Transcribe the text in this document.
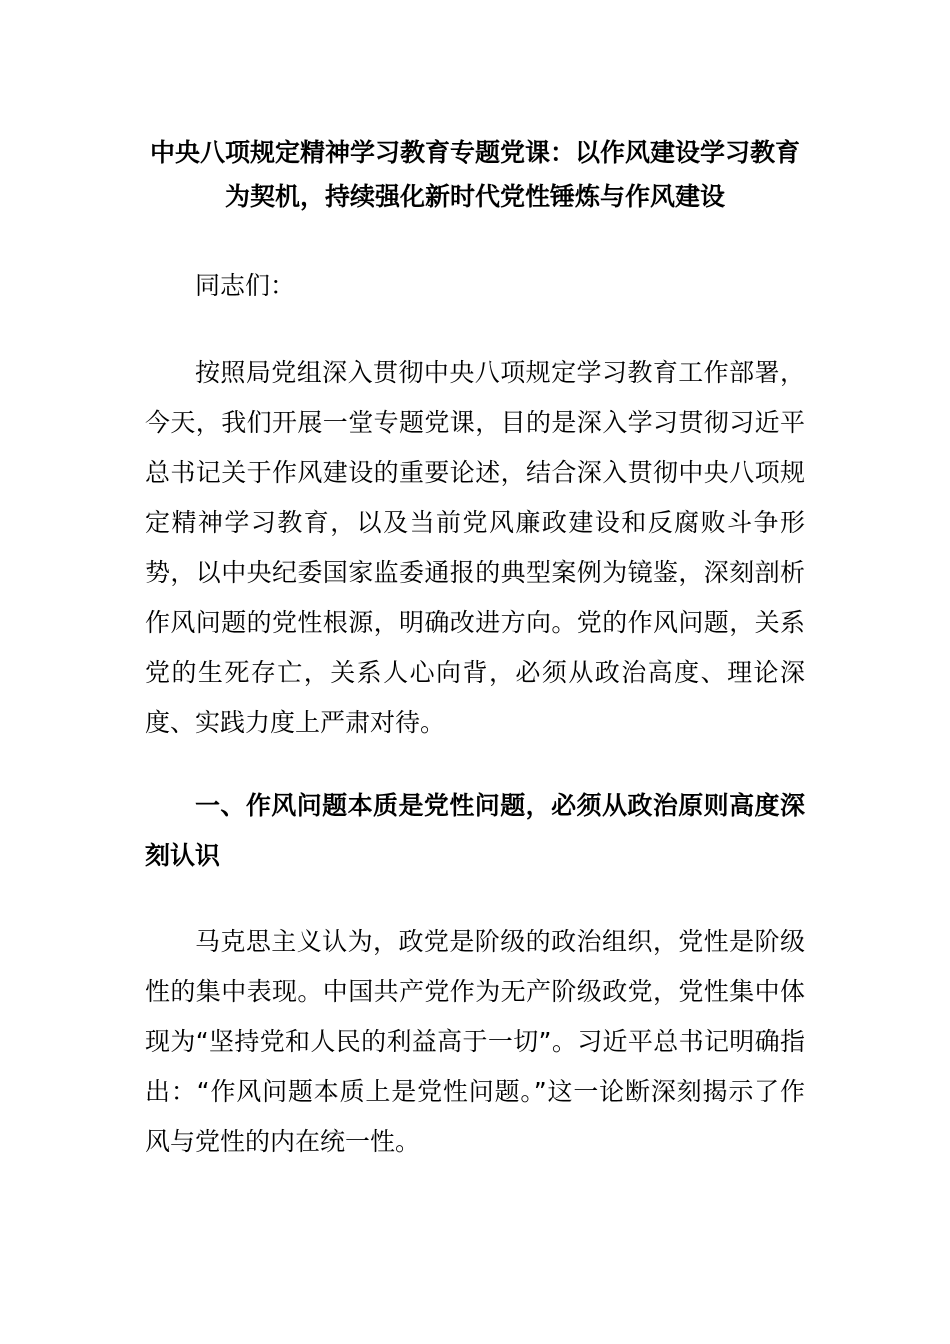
中央八项规定精神学习教育专题党课：以作风建设学习教育为契机，持续强化新时代党性锤炼与作风建设

同志们：

按照局党组深入贯彻中央八项规定学习教育工作部署，今天，我们开展一堂专题党课，目的是深入学习贯彻习近平总书记关于作风建设的重要论述，结合深入贯彻中央八项规定精神学习教育，以及当前党风廉政建设和反腐败斗争形势，以中央纪委国家监委通报的典型案例为镜鉴，深刻剖析作风问题的党性根源，明确改进方向。党的作风问题，关系党的生死存亡，关系人心向背，必须从政治高度、理论深度、实践力度上严肃对待。

一、作风问题本质是党性问题，必须从政治原则高度深刻认识

马克思主义认为，政党是阶级的政治组织，党性是阶级性的集中表现。中国共产党作为无产阶级政党，党性集中体现为“坚持党和人民的利益高于一切”。习近平总书记明确指出：“作风问题本质上是党性问题。”这一论断深刻揭示了作风与党性的内在统一性。
